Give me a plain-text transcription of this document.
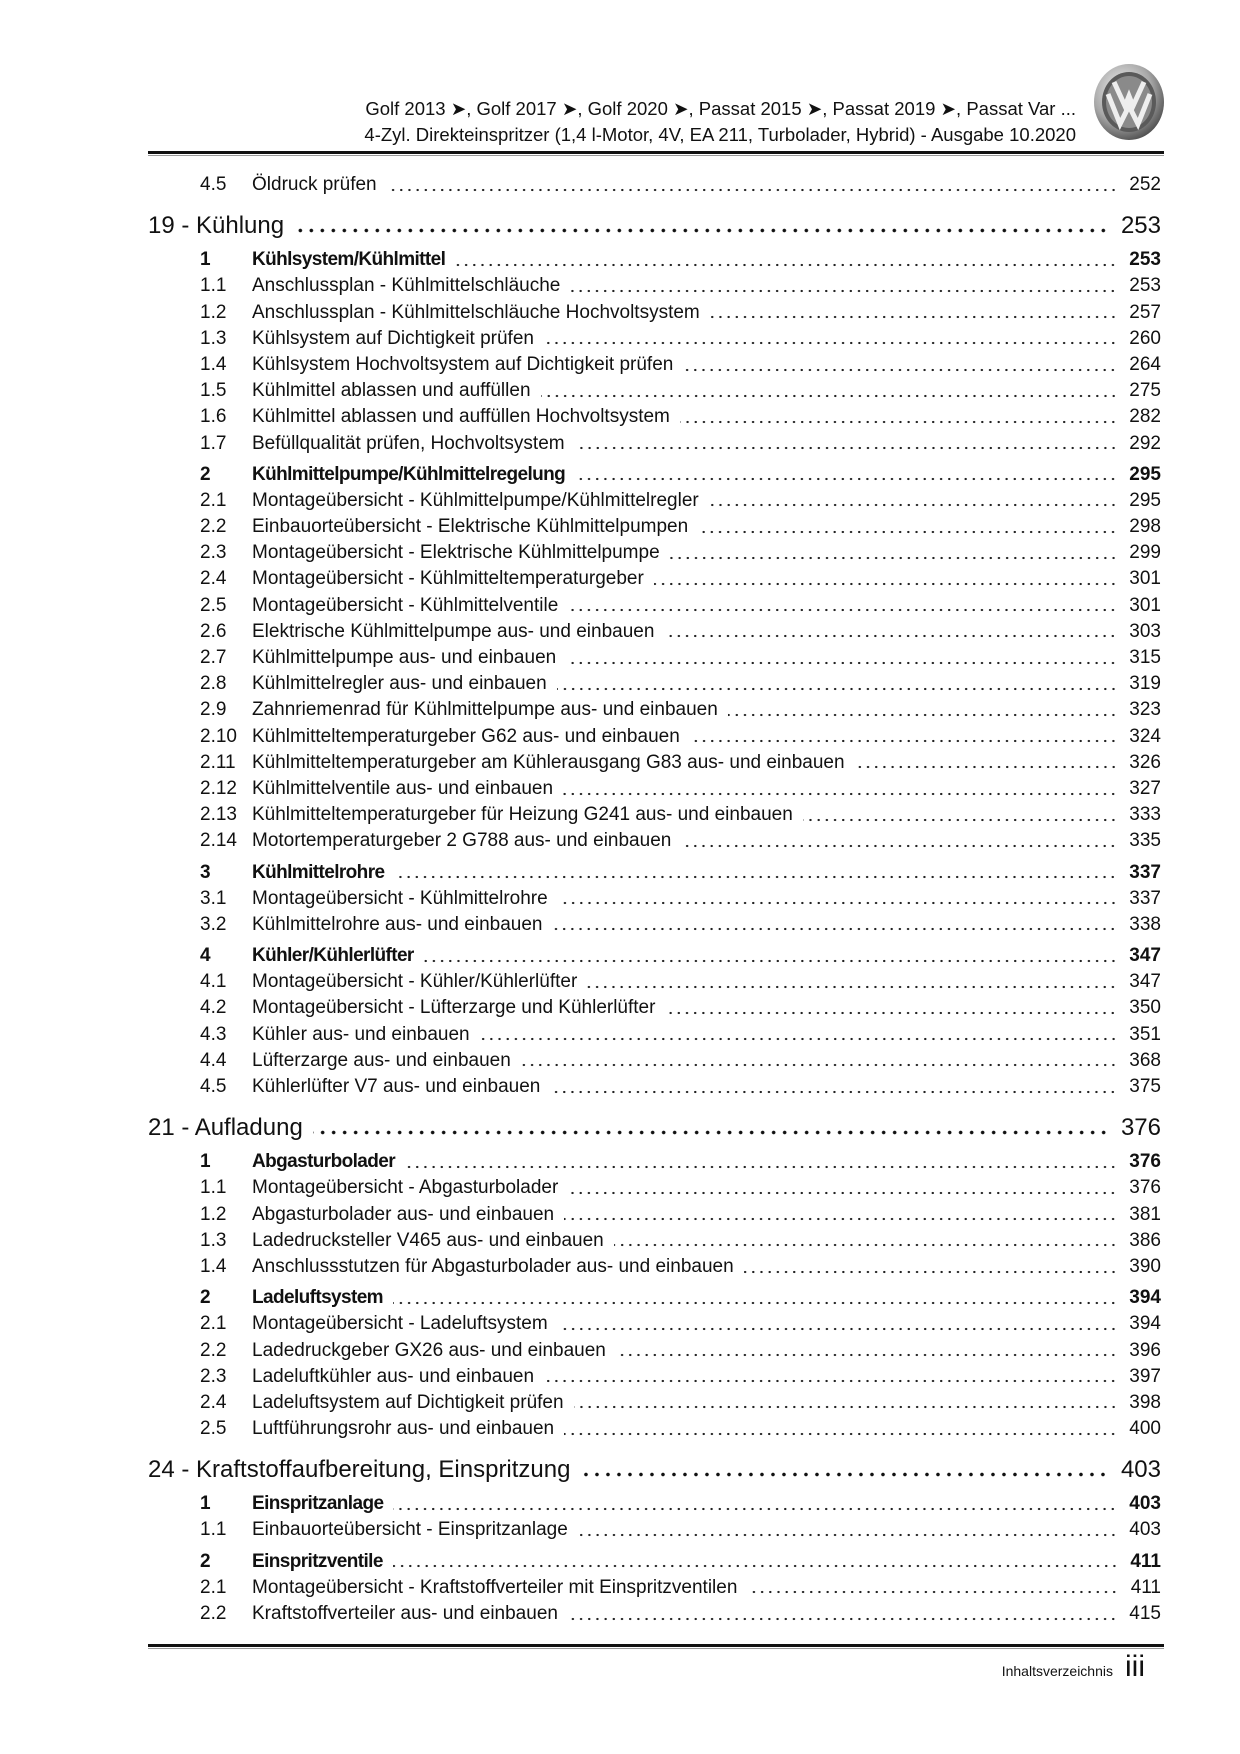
Golf 2013 ➤, Golf 2017 ➤, Golf 2020 ➤, Passat 2015 ➤, Passat 2019 ➤, Passat Var ...
4-Zyl. Direkteinspritzer (1,4 l-Motor, 4V, EA 211, Turbolader, Hybrid) - Ausgabe 10.2020
4.5	Öldruck prüfen	252
19 - Kühlung	253
1	Kühlsystem/Kühlmittel	253
1.1	Anschlussplan - Kühlmittelschläuche	253
1.2	Anschlussplan - Kühlmittelschläuche Hochvoltsystem	257
1.3	Kühlsystem auf Dichtigkeit prüfen	260
1.4	Kühlsystem Hochvoltsystem auf Dichtigkeit prüfen	264
1.5	Kühlmittel ablassen und auffüllen	275
1.6	Kühlmittel ablassen und auffüllen Hochvoltsystem	282
1.7	Befüllqualität prüfen, Hochvoltsystem	292
2	Kühlmittelpumpe/Kühlmittelregelung	295
2.1	Montageübersicht - Kühlmittelpumpe/Kühlmittelregler	295
2.2	Einbauorteübersicht - Elektrische Kühlmittelpumpen	298
2.3	Montageübersicht - Elektrische Kühlmittelpumpe	299
2.4	Montageübersicht - Kühlmitteltemperaturgeber	301
2.5	Montageübersicht - Kühlmittelventile	301
2.6	Elektrische Kühlmittelpumpe aus- und einbauen	303
2.7	Kühlmittelpumpe aus- und einbauen	315
2.8	Kühlmittelregler aus- und einbauen	319
2.9	Zahnriemenrad für Kühlmittelpumpe aus- und einbauen	323
2.10 Kühlmitteltemperaturgeber G62 aus- und einbauen	324
2.11 Kühlmitteltemperaturgeber am Kühlerausgang G83 aus- und einbauen	326
2.12 Kühlmittelventile aus- und einbauen	327
2.13 Kühlmitteltemperaturgeber für Heizung G241 aus- und einbauen	333
2.14 Motortemperaturgeber 2 G788 aus- und einbauen	335
3	Kühlmittelrohre	337
3.1	Montageübersicht - Kühlmittelrohre	337
3.2	Kühlmittelrohre aus- und einbauen	338
4	Kühler/Kühlerlüfter	347
4.1	Montageübersicht - Kühler/Kühlerlüfter	347
4.2	Montageübersicht - Lüfterzarge und Kühlerlüfter	350
4.3	Kühler aus- und einbauen	351
4.4	Lüfterzarge aus- und einbauen	368
4.5	Kühlerlüfter V7 aus- und einbauen	375
21 - Aufladung	376
1	Abgasturbolader	376
1.1	Montageübersicht - Abgasturbolader	376
1.2	Abgasturbolader aus- und einbauen	381
1.3	Ladedrucksteller V465 aus- und einbauen	386
1.4	Anschlussstutzen für Abgasturbolader aus- und einbauen	390
2	Ladeluftsystem	394
2.1	Montageübersicht - Ladeluftsystem	394
2.2	Ladedruckgeber GX26 aus- und einbauen	396
2.3	Ladeluftkühler aus- und einbauen	397
2.4	Ladeluftsystem auf Dichtigkeit prüfen	398
2.5	Luftführungsrohr aus- und einbauen	400
24 - Kraftstoffaufbereitung, Einspritzung	403
1	Einspritzanlage	403
1.1	Einbauorteübersicht - Einspritzanlage	403
2	Einspritzventile	411
2.1	Montageübersicht - Kraftstoffverteiler mit Einspritzventilen	411
2.2	Kraftstoffverteiler aus- und einbauen	415
Inhaltsverzeichnis iii
